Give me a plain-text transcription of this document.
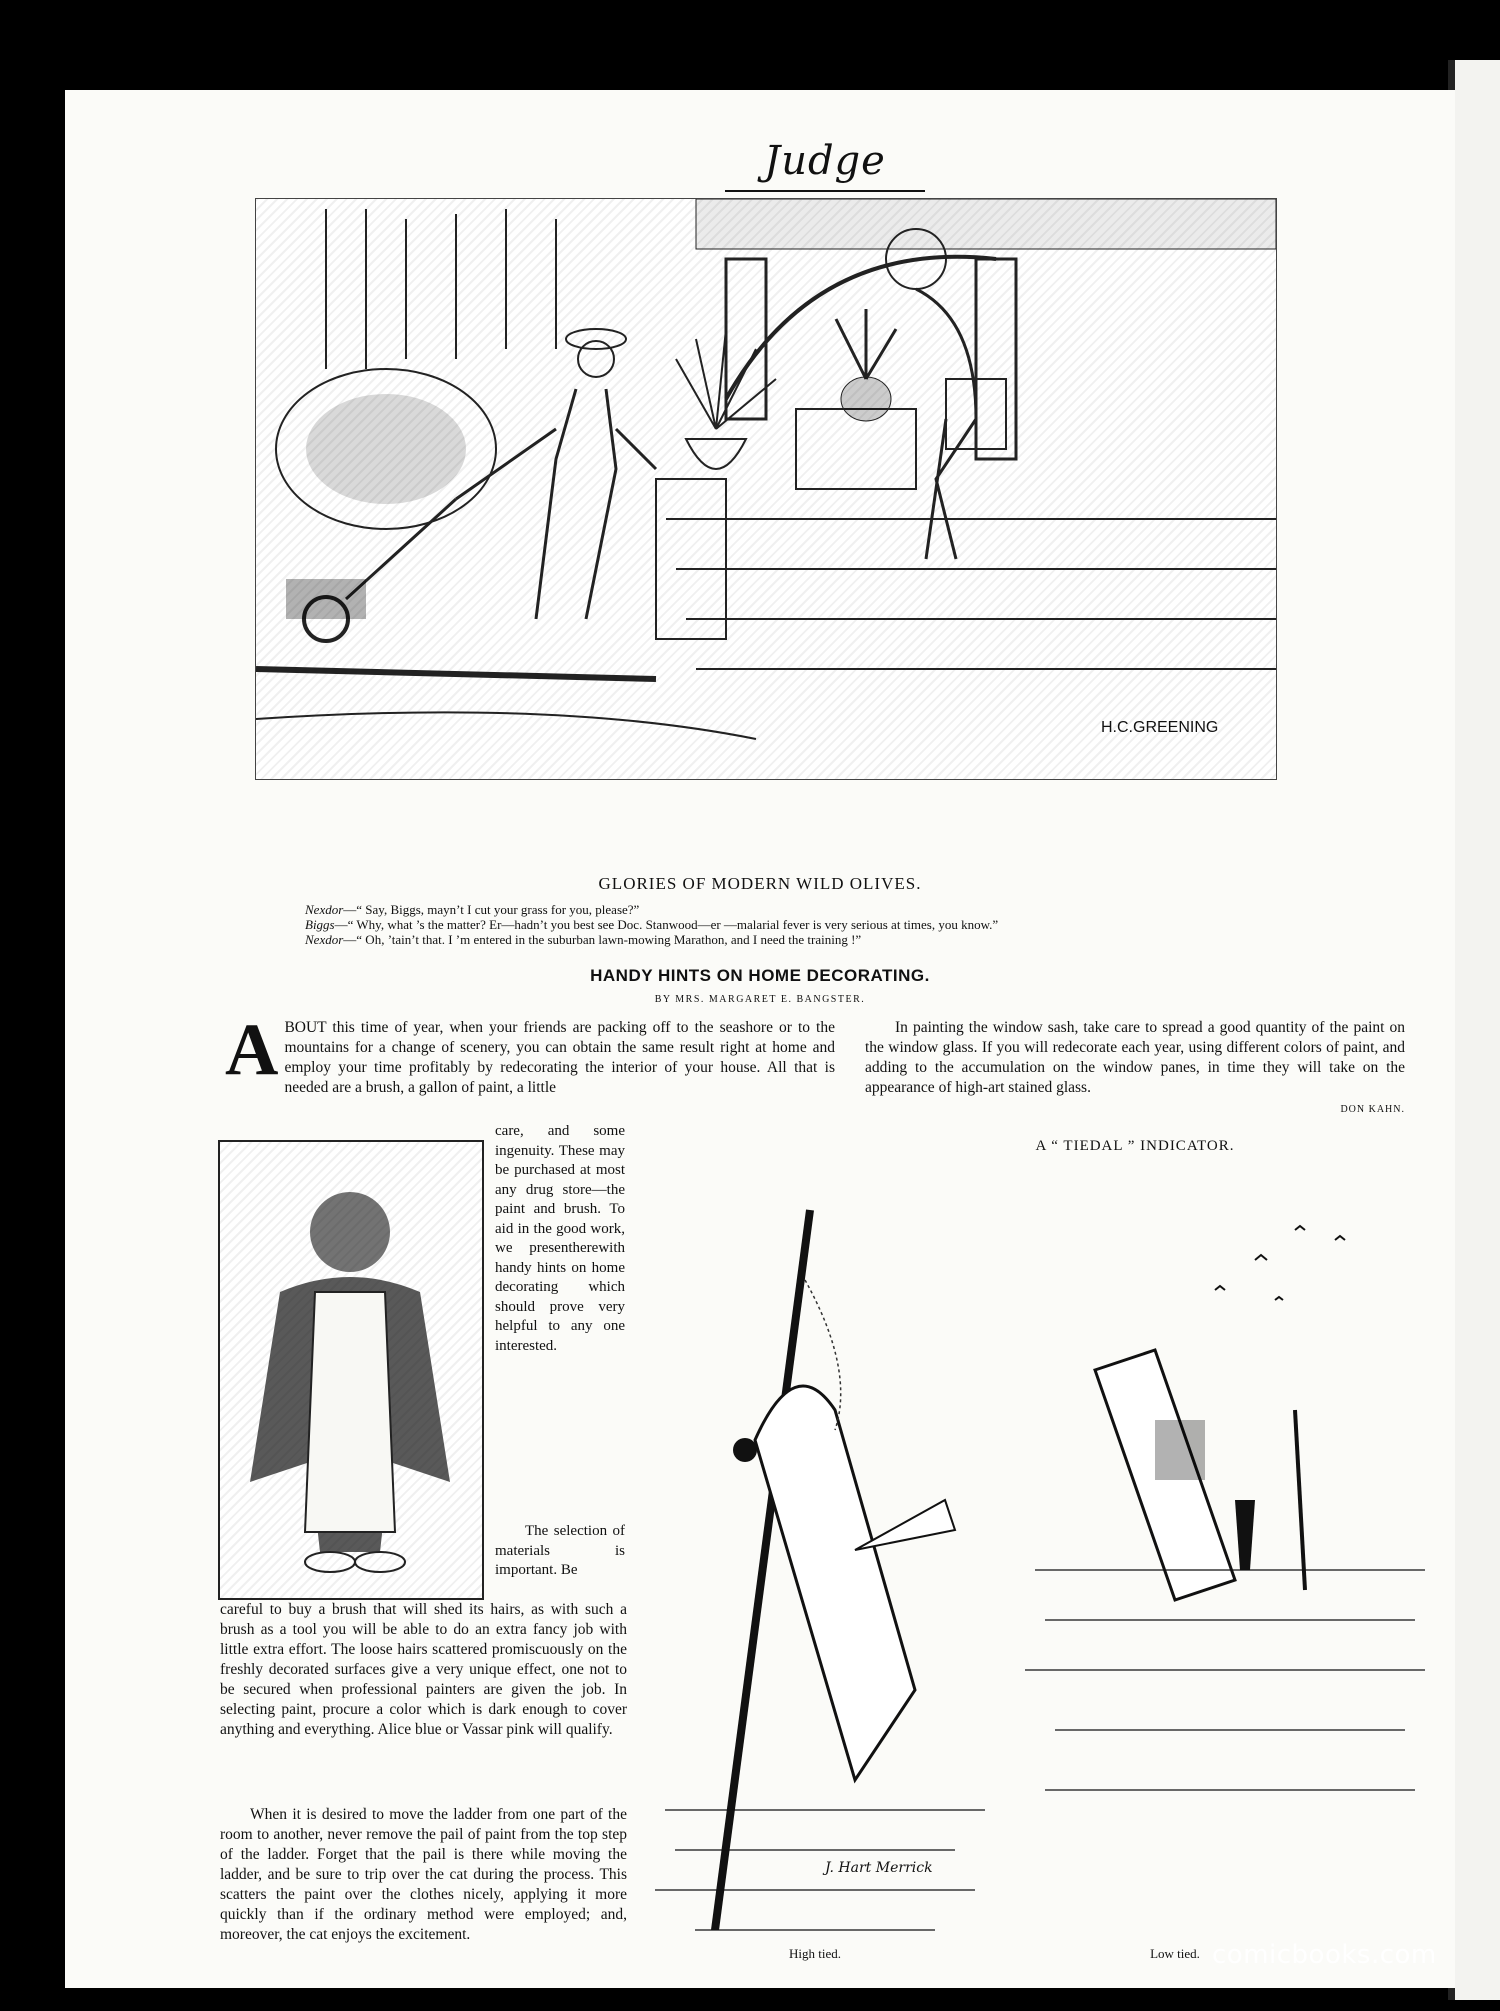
Judge
H.C.GREENING
GLORIES OF MODERN WILD OLIVES.
Nexdor—“ Say, Biggs, mayn’t I cut your grass for you, please?”
Biggs—“ Why, what ’s the matter? Er—hadn’t you best see Doc. Stanwood—er —malarial fever is very serious at times, you know.”
Nexdor—“ Oh, ’tain’t that. I ’m entered in the suburban lawn-mowing Marathon, and I need the training !”
HANDY HINTS ON HOME DECORATING.
BY MRS. MARGARET E. BANGSTER.
ABOUT this time of year, when your friends are packing off to the seashore or to the mountains for a change of scenery, you can obtain the same result right at home and employ your time profitably by redecorating the interior of your house. All that is needed are a brush, a gallon of paint, a little
care, and some ingenuity. These may be purchased at most any drug store—the paint and brush. To aid in the good work, we presentherewith handy hints on home decorating which should prove very helpful to any one interested.
The selection of materials is important. Be
careful to buy a brush that will shed its hairs, as with such a brush as a tool you will be able to do an extra fancy job with little extra effort. The loose hairs scattered promiscuously on the freshly decorated surfaces give a very unique effect, one not to be secured when professional painters are given the job. In selecting paint, procure a color which is dark enough to cover anything and everything. Alice blue or Vassar pink will qualify.
When it is desired to move the ladder from one part of the room to another, never remove the pail of paint from the top step of the ladder. Forget that the pail is there while moving the ladder, and be sure to trip over the cat during the process. This scatters the paint over the clothes nicely, applying it more quickly than if the ordinary method were employed; and, moreover, the cat enjoys the excitement.
In painting the window sash, take care to spread a good quantity of the paint on the window glass. If you will redecorate each year, using different colors of paint, and adding to the accumulation on the window panes, in time they will take on the appearance of high-art stained glass.
DON KAHN.
A “ TIEDAL ” INDICATOR.
J. Hart Merrick
High tied.	Low tied. comicbooks.com
